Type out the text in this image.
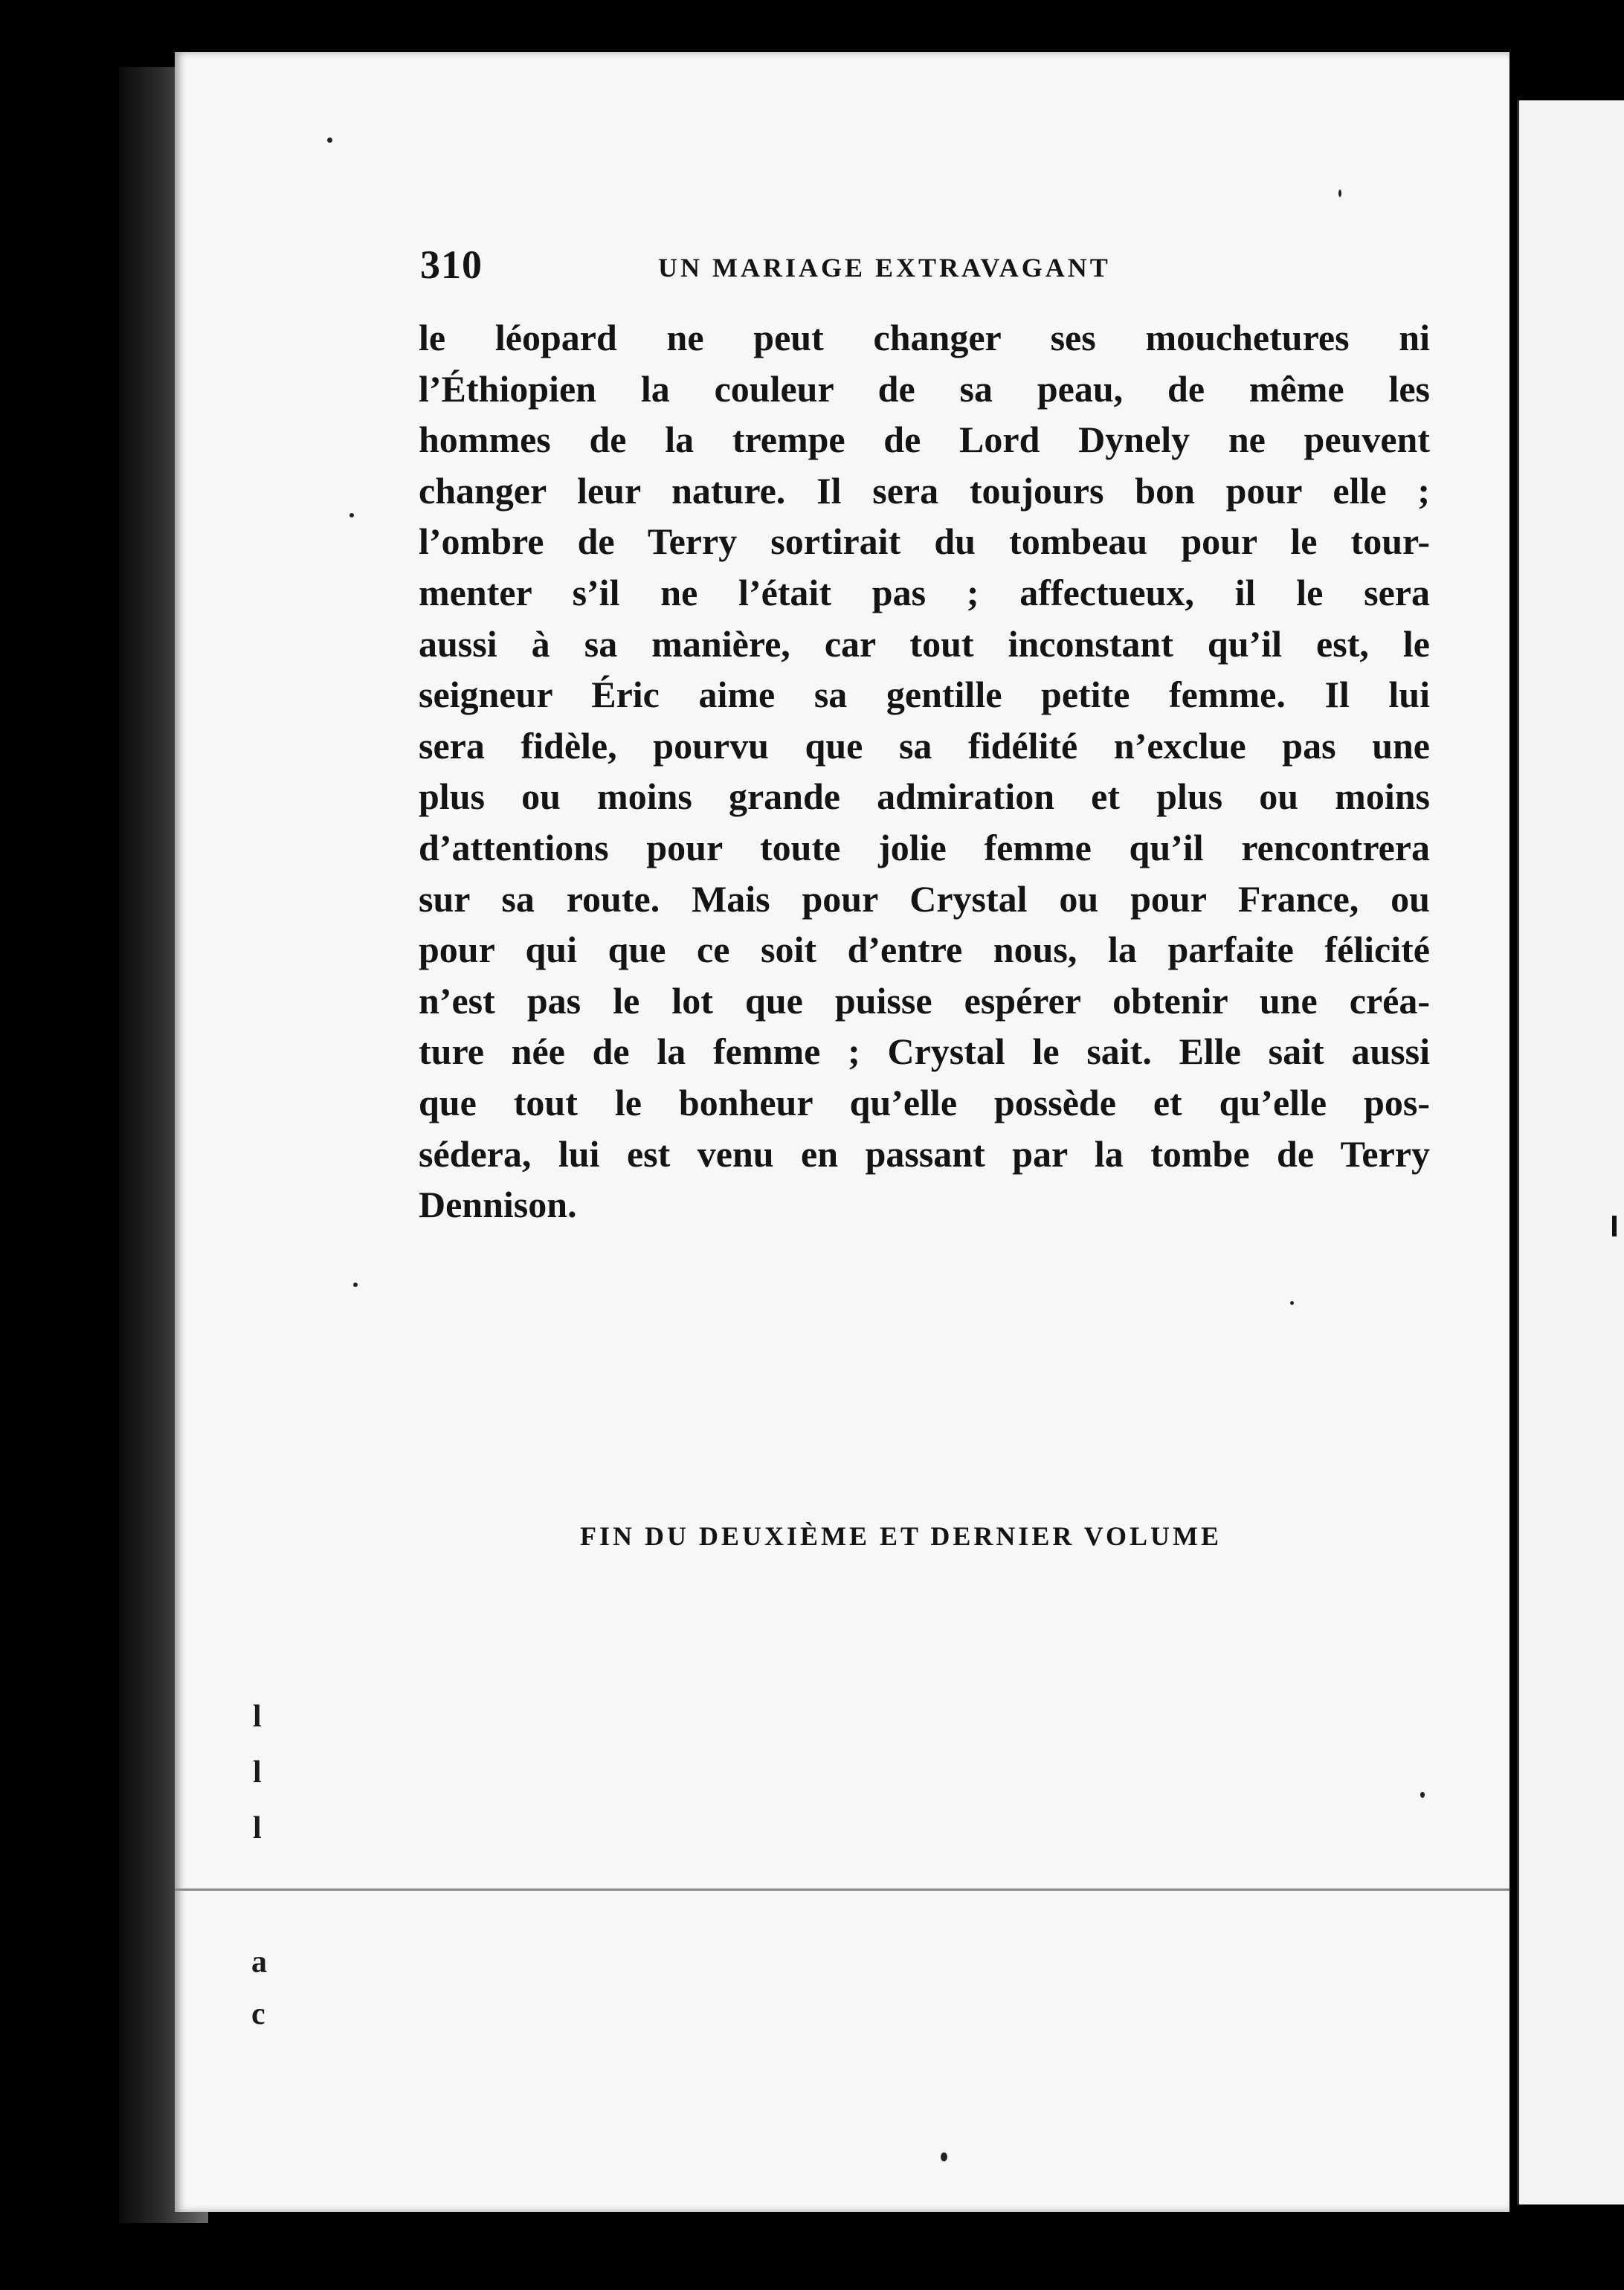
l
l
l
a
c
310	UN MARIAGE EXTRAVAGANT
le léopard ne peut changer ses mouchetures ni
l’Éthiopien la couleur de sa peau, de même les
hommes de la trempe de Lord Dynely ne peuvent
changer leur nature. Il sera toujours bon pour elle ;
l’ombre de Terry sortirait du tombeau pour le tour-
menter s’il ne l’était pas ; affectueux, il le sera
aussi à sa manière, car tout inconstant qu’il est, le
seigneur Éric aime sa gentille petite femme. Il lui
sera fidèle, pourvu que sa fidélité n’exclue pas une
plus ou moins grande admiration et plus ou moins
d’attentions pour toute jolie femme qu’il rencontrera
sur sa route. Mais pour Crystal ou pour France, ou
pour qui que ce soit d’entre nous, la parfaite félicité
n’est pas le lot que puisse espérer obtenir une créa-
ture née de la femme ; Crystal le sait. Elle sait aussi
que tout le bonheur qu’elle possède et qu’elle pos-
sédera, lui est venu en passant par la tombe de Terry
Dennison.
FIN DU DEUXIÈME ET DERNIER VOLUME
